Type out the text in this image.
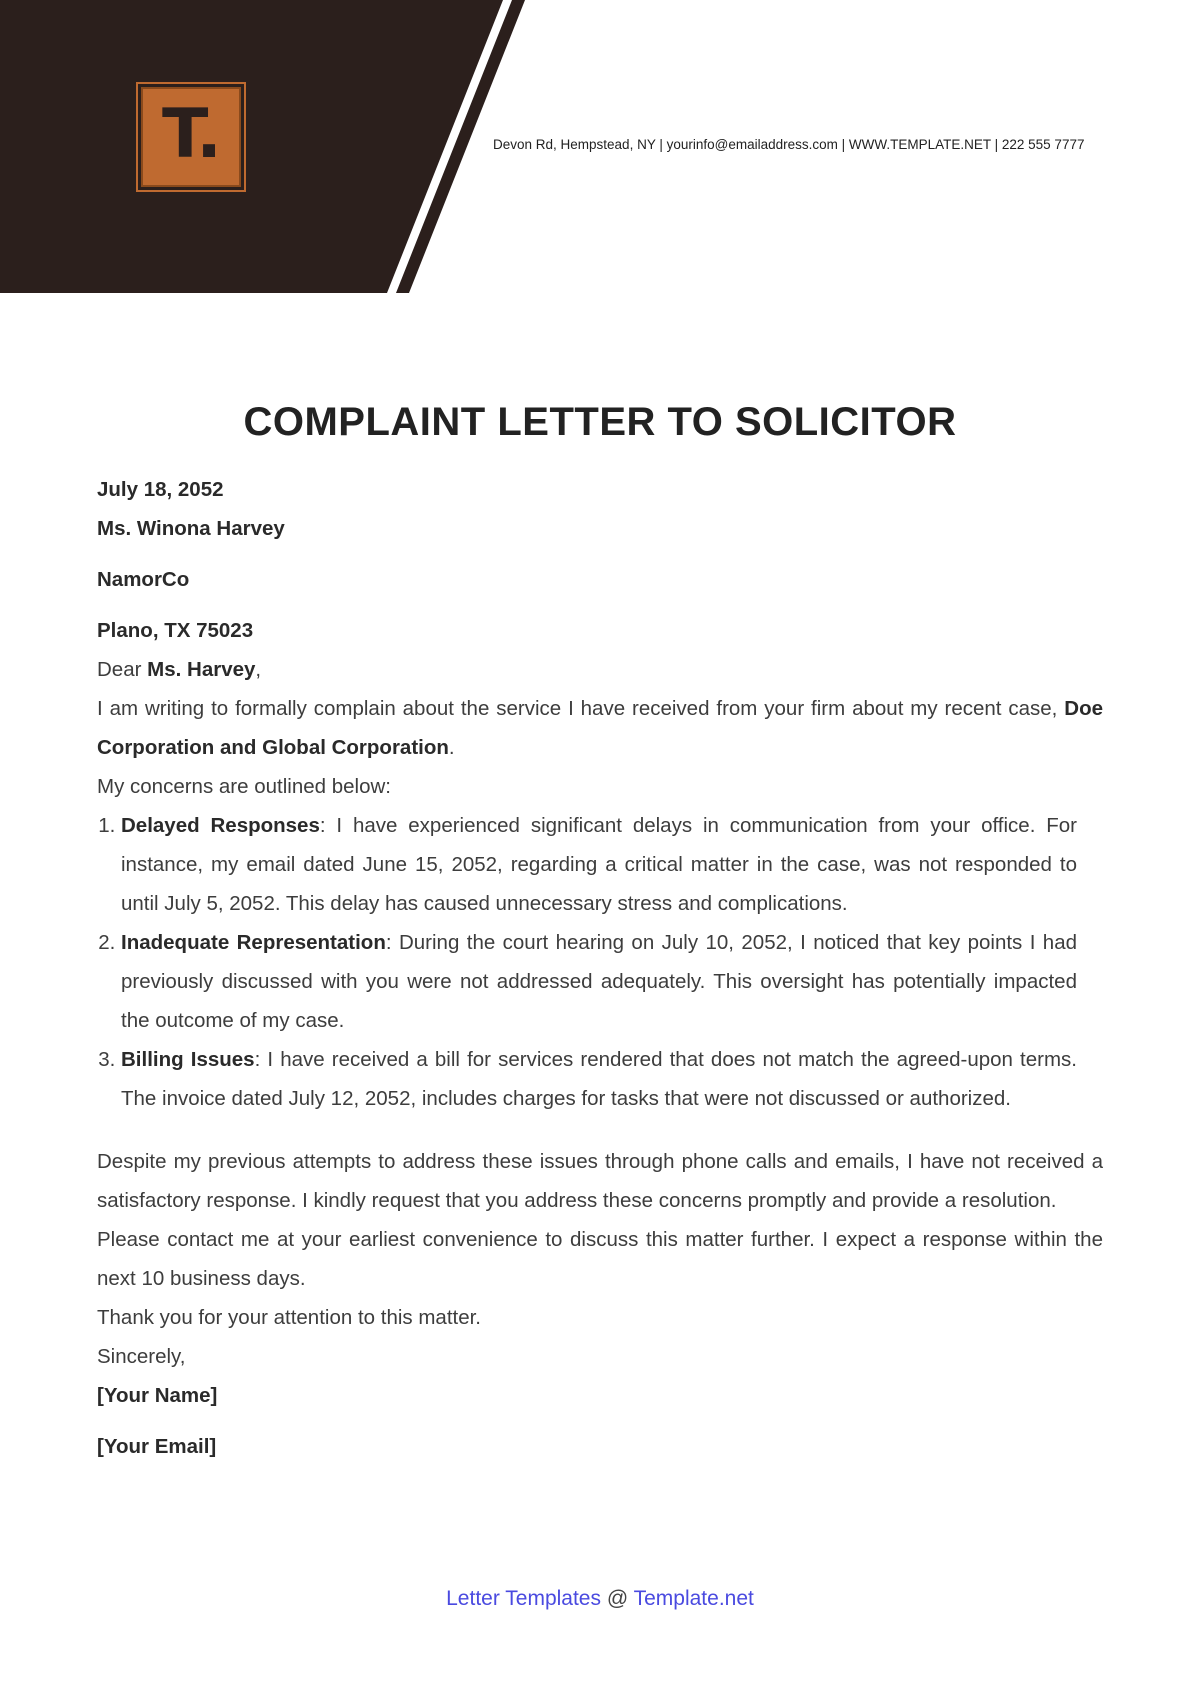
T.	Devon Rd, Hempstead, NY | yourinfo@emailaddress.com | WWW.TEMPLATE.NET | 222 555 7777
COMPLAINT LETTER TO SOLICITOR

July 18, 2052

Ms. Winona Harvey

NamorCo

Plano, TX 75023

Dear Ms. Harvey,

I am writing to formally complain about the service I have received from your firm about my recent case, Doe Corporation and Global Corporation.

My concerns are outlined below:

1. Delayed Responses: I have experienced significant delays in communication from your office. For instance, my email dated June 15, 2052, regarding a critical matter in the case, was not responded to until July 5, 2052. This delay has caused unnecessary stress and complications.
2. Inadequate Representation: During the court hearing on July 10, 2052, I noticed that key points I had previously discussed with you were not addressed adequately. This oversight has potentially impacted the outcome of my case.
3. Billing Issues: I have received a bill for services rendered that does not match the agreed-upon terms. The invoice dated July 12, 2052, includes charges for tasks that were not discussed or authorized.

Despite my previous attempts to address these issues through phone calls and emails, I have not received a satisfactory response. I kindly request that you address these concerns promptly and provide a resolution.

Please contact me at your earliest convenience to discuss this matter further. I expect a response within the next 10 business days.

Thank you for your attention to this matter.

Sincerely,

[Your Name]

[Your Email]

Letter Templates @ Template.net
